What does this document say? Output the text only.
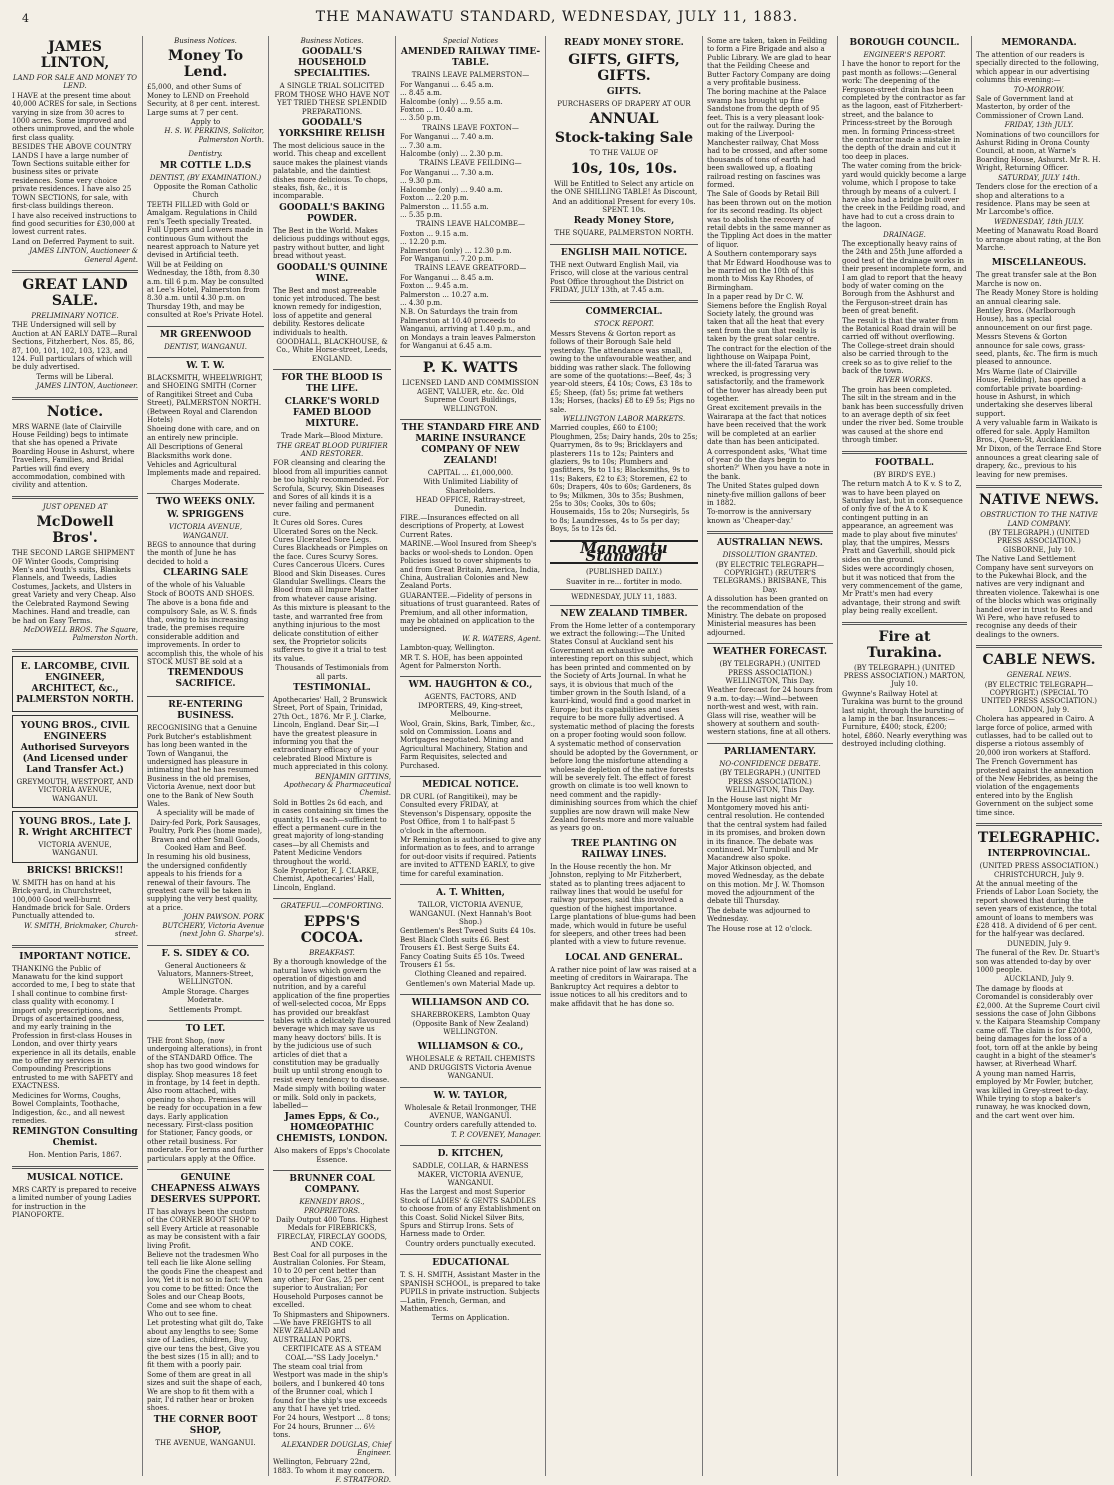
4	THE MANAWATU STANDARD, WEDNESDAY, JULY 11, 1883.
JAMES LINTON,
LAND FOR SALE AND MONEY TO LEND.

I HAVE at the present time about 40,000 ACRES for sale, in Sections varying in size from 30 acres to 1000 acres. Some improved and others unimproved, and the whole first class quality.

BESIDES THE ABOVE COUNTRY LANDS I have a large number of Town Sections suitable either for business sites or private residences. Some very choice private residences. I have also 25 TOWN SECTIONS, for sale, with first-class buildings thereon.

I have also received instructions to find good securities for £30,000 at lowest current rates.

Land on Deferred Payment to suit.

JAMES LINTON, Auctioneer & General Agent.

GREAT LAND SALE.
PRELIMINARY NOTICE.

THE Undersigned will sell by Auction at AN EARLY DATE—Rural Sections, Fitzherbert, Nos. 85, 86, 87, 100, 101, 102, 103, 123, and 124. Full particulars of which will be duly advertised.

Terms will be Liberal.

JAMES LINTON, Auctioneer.

Notice.

MRS WARNE (late of Clairville House Feilding) begs to intimate that she has opened a Private Boarding House in Ashurst, where Travellers, Families, and Bridal Parties will find every accommodation, combined with civility and attention.

JUST OPENED AT
McDowell Bros'.

THE SECOND LARGE SHIPMENT OF Winter Goods, Comprising Men's and Youth's suits, Blankets Flannels, and Tweeds, Ladies Costumes, Jackets, and Ulsters in great Variety and very Cheap. Also the Celebrated Raymond Sewing Machines. Hand and treadle, can be had on Easy Terms.

McDOWELL BROS. The Square, Palmerston North.

E. LARCOMBE, CIVIL ENGINEER, ARCHITECT, &c., PALMERSTON NORTH.
YOUNG BROS., CIVIL ENGINEERS Authorised Surveyors (And Licensed under Land Transfer Act.)

GREYMOUTH, WESTPORT, AND VICTORIA AVENUE, WANGANUI.

YOUNG BROS., Late J. R. Wright ARCHITECT

VICTORIA AVENUE, WANGANUI.

BRICKS! BRICKS!!

W. SMITH has on hand at his Brick-yard, in Churchstreet, 100,000 Good well-burnt Handmade brick for Sale. Orders Punctually attended to.

W. SMITH, Brickmaker, Church-street.

IMPORTANT NOTICE.

THANKING the Public of Manawatu for the kind support accorded to me, I beg to state that I shall continue to combine first-class quality with economy. I import only prescriptions, and Drugs of ascertained goodness, and my early training in the Profession in first-class Houses in London, and over thirty years experience in all its details, enable me to offer my services in Compounding Prescriptions entrusted to me with SAFETY and EXACTNESS.

Medicines for Worms, Coughs, Bowel Complaints, Toothache, Indigestion, &c., and all newest remedies.

REMINGTON Consulting Chemist.

Hon. Mention Paris, 1867.

MUSICAL NOTICE.

MRS CARTY is prepared to receive a limited number of young Ladies for instruction in the PIANOFORTE.

Business Notices.
Money To Lend.

£5,000, and other Sums of Money to LEND on Freehold Security, at 8 per cent. interest. Large sums at 7 per cent.

Apply to

H. S. W. PERKINS, Solicitor, Palmerston North.

Dentistry.
MR COTTLE L.D.S
DENTIST, (BY EXAMINATION.)

Opposite the Roman Catholic Church

TEETH FILLED with Gold or Amalgam. Regulations in Child ren's Teeth specially Treated. Full Uppers and Lowers made in continuous Gum without the nearest approach to Nature yet devised in Artificial teeth.

Will be at Feilding on Wednesday, the 18th, from 8.30 a.m. till 6 p.m. May be consulted at Lee's Hotel, Palmerston from 8.30 a.m. until 4.30 p.m. on Thursday 19th, and may be consulted at Roe's Private Hotel.

MR GREENWOOD
DENTIST, WANGANUI.
W. T. W.

BLACKSMITH, WHEELWRIGHT, and SHOEING SMITH (Corner of Rangitikei Street and Cuba Street), PALMERSTON NORTH. (Between Royal and Clarendon Hotels)

Shoeing done with care, and on an entirely new principle.

All Descriptions of General Blacksmiths work done.

Vehicles and Agricultural Implements made and repaired.

Charges Moderate.

TWO WEEKS ONLY.
W. SPRIGGENS
VICTORIA AVENUE, WANGANUI.

BEGS to announce that during the month of June he has decided to hold a

CLEARING SALE

of the whole of his Valuable Stock of BOOTS AND SHOES.

The above is a bona fide and compulsory Sale, as W. S. finds that, owing to his increasing trade, the premises require considerable addition and improvements. In order to accomplish this, the whole of his STOCK MUST BE sold at a

TREMENDOUS SACRIFICE.
RE-ENTERING BUSINESS.

RECOGNISING that a Genuine Pork Butcher's establishment has long been wanted in the Town of Wanganui, the undersigned has pleasure in intimating that he has resumed Business in the old premises, Victoria Avenue, next door but one to the Bank of New South Wales.

A speciality will be made of

Dairy-fed Pork, Pork Sausages, Poultry, Pork Pies (home made), Brawn and other Small Goods, Cooked Ham and Beef.

In resuming his old business, the undersigned confidently appeals to his friends for a renewal of their favours. The greatest care will be taken in supplying the very best quality, at a price.

JOHN PAWSON. PORK BUTCHERY, Victoria Avenue (next John G. Sharpe's).

F. S. SIDEY & CO.

General Auctioneers & Valuators, Manners-Street, WELLINGTON.

Ample Storage. Charges Moderate.

Settlements Prompt.

TO LET.

THE front Shop, (now undergoing alterations), in front of the STANDARD Office. The shop has two good windows for display. Shop measures 18 feet in frontage, by 14 feet in depth. Also room attached, with opening to shop. Premises will be ready for occupation in a few days. Early application necessary. First-class position for Stationer, Fancy goods, or other retail business. For moderate. For terms and further particulars apply at the Office.

GENUINE CHEAPNESS ALWAYS DESERVES SUPPORT.

IT has always been the custom of the CORNER BOOT SHOP to sell Every Article at reasonable as may be consistent with a fair living Profit.

Believe not the tradesmen Who tell each lie like Alone selling the goods Fine the cheapest and low, Yet it is not so in fact: When you come to be fitted: Once the Soles and our Cheap Boots, Come and see whom to cheat Who out to see fine.

Let protesting what gilt do, Take about any lengths to see; Some size of Ladies, children, Buy, give our tens the best, Give you the best sizes (15 in all); and to fit them with a poorly pair.

Some of them are great in all sizes and suit the shape of each, We are shop to fit them with a pair, I'd rather hear or broken shoes.

THE CORNER BOOT SHOP,

THE AVENUE, WANGANUI.

Business Notices.
GOODALL'S HOUSEHOLD SPECIALITIES.

A SINGLE TRIAL SOLICITED FROM THOSE WHO HAVE NOT YET TRIED THESE SPLENDID PREPARATIONS.

GOODALL'S YORKSHIRE RELISH

The most delicious sauce in the world. This cheap and excellent sauce makes the plainest viands palatable, and the daintiest dishes more delicious. To chops, steaks, fish, &c., it is incomparable.

GOODALL'S BAKING POWDER.

The Best in the World. Makes delicious puddings without eggs, pastry without butter, and light bread without yeast.

GOODALL'S QUININE WINE.

The Best and most agreeable tonic yet introduced. The best known remedy for indigestion, loss of appetite and general debility. Restores delicate individuals to health.

GOODHALL, BLACKHOUSE, & Co., White Horse-street, Leeds, ENGLAND.

FOR THE BLOOD IS THE LIFE.
CLARKE'S WORLD FAMED BLOOD MIXTURE.

Trade Mark—Blood Mixture.

THE GREAT BLOOD PURIFIER AND RESTORER.

FOR cleansing and clearing the blood from all impurities cannot be too highly recommended. For Scrofula, Scurvy, Skin Diseases and Sores of all kinds it is a never failing and permanent cure.

It Cures old Sores. Cures Ulcerated Sores on the Neck. Cures Ulcerated Sore Legs. Cures Blackheads or Pimples on the face. Cures Scurvy Sores. Cures Cancerous Ulcers. Cures Blood and Skin Diseases. Cures Glandular Swellings. Clears the Blood from all Impure Matter from whatever cause arising.

As this mixture is pleasant to the taste, and warranted free from anything injurious to the most delicate constitution of either sex, the Proprietor solicits sufferers to give it a trial to test its value.

Thousands of Testimonials from all parts.

TESTIMONIAL.

Apothecaries' Hall, 2 Brunswick Street, Port of Spain, Trinidad, 27th Oct., 1876. Mr F. J. Clarke, Lincoln, England. Dear Sir,—I have the greatest pleasure in informing you that the extraordinary efficacy of your celebrated Blood Mixture is much appreciated in this colony.

BENJAMIN GITTINS, Apothecary & Pharmaceutical Chemist.

Sold in Bottles 2s 6d each, and in cases containing six times the quantity, 11s each—sufficient to effect a permanent cure in the great majority of long-standing cases—by all Chemists and Patent Medicine Vendors throughout the world.

Sole Proprietor, F. J. CLARKE, Chemist, Apothecaries' Hall, Lincoln, England.

GRATEFUL—COMFORTING.
EPPS'S COCOA.
BREAKFAST.

By a thorough knowledge of the natural laws which govern the operation of digestion and nutrition, and by a careful application of the fine properties of well-selected cocoa, Mr Epps has provided our breakfast tables with a delicately flavoured beverage which may save us many heavy doctors' bills. It is by the judicious use of such articles of diet that a constitution may be gradually built up until strong enough to resist every tendency to disease.

Made simply with boiling water or milk. Sold only in packets, labelled—

James Epps, & Co., HOMŒOPATHIC CHEMISTS, LONDON.

Also makers of Epps's Chocolate Essence.

BRUNNER COAL COMPANY.
KENNEDY BROS., PROPRIETORS.

Daily Output 400 Tons. Highest Medals for FIREBRICKS, FIRECLAY, FIRECLAY GOODS, AND COKE.

Best Coal for all purposes in the Australian Colonies. For Steam, 10 to 20 per cent better than any other; For Gas, 25 per cent superior to Australian; For Household Purposes cannot be excelled.

To Shipmasters and Shipowners.—We have FREIGHTS to all NEW ZEALAND and AUSTRALIAN PORTS.

CERTIFICATE AS A STEAM COAL—"SS Lady Jocelyn."

The steam coal trial from Westport was made in the ship's boilers, and I bunkered 40 tons of the Brunner coal, which I found for the ship's use exceeds any that I have yet tried.

For 24 hours, Westport ... 8 tons; For 24 hours, Brunner ... 6½ tons.

ALEXANDER DOUGLAS, Chief Engineer.

Wellington, February 22nd, 1883. To whom it may concern.

F. STRATFORD.

Special Notices
AMENDED RAILWAY TIME-TABLE.

TRAINS LEAVE PALMERSTON—

For Wanganui ... 6.45 a.m.

... 8.45 a.m.

Halcombe (only) ... 9.55 a.m.

Foxton ... 10.40 a.m.

... 3.50 p.m.

TRAINS LEAVE FOXTON—

For Wanganui ... 7.40 a.m.

... 7.30 a.m.

Halcombe (only) ... 2.30 p.m.

TRAINS LEAVE FEILDING—

For Wanganui ... 7.30 a.m.

... 9.30 p.m.

Halcombe (only) ... 9.40 a.m.

Foxton ... 2.20 p.m.

Palmerston ... 11.55 a.m.

... 5.35 p.m.

TRAINS LEAVE HALCOMBE—

Foxton ... 9.15 a.m.

... 12.20 p.m.

Palmerston (only) ... 12.30 p.m.

For Wanganui ... 7.20 p.m.

TRAINS LEAVE GREATFORD—

For Wanganui ... 8.45 a.m.

Foxton ... 9.45 a.m.

Palmerston ... 10.27 a.m.

... 4.30 p.m.

N.B. On Saturdays the train from Palmerston at 10.40 proceeds to Wanganui, arriving at 1.40 p.m., and on Mondays a train leaves Palmerston for Wanganui at 6.45 a.m.

P. K. WATTS

LICENSED LAND AND COMMISSION AGENT, VALUER, etc. &c. Old Supreme Court Buildings, WELLINGTON.

THE STANDARD FIRE AND MARINE INSURANCE COMPANY OF NEW ZEALAND!

CAPITAL ... £1,000,000.

With Unlimited Liability of Shareholders.

HEAD OFFICE, Rattray-street, Dunedin.

FIRE.—Insurances effected on all descriptions of Property, at Lowest Current Rates.

MARINE.—Wool Insured from Sheep's backs or wool-sheds to London. Open Policies issued to cover shipments to and from Great Britain, America, India, China, Australian Colonies and New Zealand Ports.

GUARANTEE.—Fidelity of persons in situations of trust guaranteed. Rates of Premium, and all other information, may be obtained on application to the undersigned.

W. R. WATERS, Agent.

Lambton-quay, Wellington.

MR T. S. HOE, has been appointed Agent for Palmerston North.

WM. HAUGHTON & CO.,

AGENTS, FACTORS, AND IMPORTERS, 49, King-street, Melbourne.

Wool, Grain, Skins, Bark, Timber, &c., sold on Commission. Loans and Mortgages negotiated. Mining and Agricultural Machinery, Station and Farm Requisites, selected and Purchased.

MEDICAL NOTICE.

DR CURL (of Rangitikei), may be Consulted every FRIDAY, at Stevenson's Dispensary, opposite the Post Office, from 1 to half-past 5 o'clock in the afternoon.

Mr Remington is authorised to give any information as to fees, and to arrange for out-door visits if required. Patients are invited to ATTEND EARLY, to give time for careful examination.

A. T. Whitten,

TAILOR, VICTORIA AVENUE, WANGANUI. (Next Hannah's Boot Shop.)

Gentlemen's Best Tweed Suits £4 10s. Best Black Cloth suits £6. Best Trousers £1. Best Serge Suits £4. Fancy Coating Suits £5 10s. Tweed Trousers £1 5s.

Clothing Cleaned and repaired.

Gentlemen's own Material Made up.

WILLIAMSON AND CO.

SHAREBROKERS, Lambton Quay (Opposite Bank of New Zealand) WELLINGTON.

WILLIAMSON & CO.,

WHOLESALE & RETAIL CHEMISTS AND DRUGGISTS Victoria Avenue WANGANUI.

W. W. TAYLOR,

Wholesale & Retail Ironmonger, THE AVENUE, WANGANUI.

Country orders carefully attended to.

T. P. COVENEY, Manager.

D. KITCHEN,

SADDLE, COLLAR, & HARNESS MAKER, VICTORIA AVENUE, WANGANUI.

Has the Largest and most Superior Stock of LADIES' & GENTS SADDLES to choose from of any Establishment on this Coast. Solid Nickel Silver Bits, Spurs and Stirrup Irons. Sets of Harness made to Order.

Country orders punctually executed.

EDUCATIONAL

T. S. H. SMITH, Assistant Master in the SPANISH SCHOOL, is prepared to take PUPILS in private instruction. Subjects—Latin, French, German, and Mathematics.

Terms on Application.

READY MONEY STORE.
GIFTS, GIFTS, GIFTS.
GIFTS.

PURCHASERS OF DRAPERY AT OUR

ANNUAL
Stock-taking Sale

TO THE VALUE OF

10s, 10s, 10s.

Will be Entitled to Select any article on the ONE SHILLING TABLE! As Discount,

And an additional Present for every 10s. SPENT. 10s.

Ready Money Store,

THE SQUARE, PALMERSTON NORTH.

ENGLISH MAIL NOTICE.

THE next Outward English Mail, via Frisco, will close at the various central Post Office throughout the District on FRIDAY, JULY 13th, at 7.45 a.m.

COMMERCIAL.
STOCK REPORT.

Messrs Stevens & Gorton report as follows of their Borough Sale held yesterday. The attendance was small, owing to the unfavourable weather, and bidding was rather slack. The following are some of the quotations:—Beef, 4s; 3 year-old steers, £4 10s; Cows, £3 18s to £5; Sheep, (fat) 5s; prime fat wethers 13s; Horses, (hacks) £8 to £9 5s; Pigs no sale.

WELLINGTON LABOR MARKETS.

Married couples, £60 to £100; Ploughmen, 25s; Dairy hands, 20s to 25s; Quarrymen, 8s to 9s; Bricklayers and plasterers 11s to 12s; Painters and glaziers, 9s to 10s; Plumbers and gasfitters, 9s to 11s; Blacksmiths, 9s to 11s; Bakers, £2 to £3; Storemen, £2 to 60s; Drapers, 40s to 60s; Gardeners, 8s to 9s; Milkmen, 30s to 35s; Bushmen, 25s to 30s; Cooks, 30s to 60s; Housemaids, 15s to 20s; Nursegirls, 5s to 8s; Laundresses, 4s to 5s per day; Boys, 5s to 12s 6d.

Manawatu Standard

(PUBLISHED DAILY.)

Suaviter in re... fortiter in modo.

WEDNESDAY, JULY 11, 1883.

NEW ZEALAND TIMBER.

From the Home letter of a contemporary we extract the following:—The United States Consul at Auckland sent his Government an exhaustive and interesting report on this subject, which has been printed and commented on by the Society of Arts Journal. In what he says, it is obvious that much of the timber grown in the South Island, of a kauri-kind, would find a good market in Europe; but its capabilities and uses require to be more fully advertised. A systematic method of placing the forests on a proper footing would soon follow.

A systematic method of conservation should be adopted by the Government, or before long the misfortune attending a wholesale depletion of the native forests will be severely felt. The effect of forest growth on climate is too well known to need comment and the rapidly-diminishing sources from which the chief supplies are now drawn will make New Zealand forests more and more valuable as years go on.

TREE PLANTING ON RAILWAY LINES.

In the House recently the hon. Mr Johnston, replying to Mr Fitzherbert, stated as to planting trees adjacent to railway lines that would be useful for railway purposes, said this involved a question of the highest importance. Large plantations of blue-gums had been made, which would in future be useful for sleepers, and other trees had been planted with a view to future revenue.

LOCAL AND GENERAL.

A rather nice point of law was raised at a meeting of creditors in Wairarapa. The Bankruptcy Act requires a debtor to issue notices to all his creditors and to make affidavit that he has done so.

Some are taken, taken in Feilding to form a Fire Brigade and also a Public Library. We are glad to hear that the Feilding Cheese and Butter Factory Company are doing a very profitable business.

The boring machine at the Palace swamp has brought up fine Sandstone from the depth of 95 feet. This is a very pleasant look-out for the railway. During the making of the Liverpool-Manchester railway, Chat Moss had to be crossed, and after some thousands of tons of earth had been swallowed up, a floating railroad resting on fascines was formed.

The Sale of Goods by Retail Bill has been thrown out on the motion for its second reading. Its object was to abolish the recovery of retail debts in the same manner as the Tippling Act does in the matter of liquor.

A Southern contemporary says that Mr Edward Hoodhouse was to be married on the 10th of this month to Miss Kay Rhodes, of Birmingham.

In a paper read by Dr C. W. Siemens before the English Royal Society lately, the ground was taken that all the heat that every sent from the sun that really is taken by the great solar centre.

The contract for the election of the lighthouse on Waipapa Point, where the ill-fated Tararua was wrecked, is progressing very satisfactorily, and the framework of the tower has already been put together.

Great excitement prevails in the Wairarapa at the fact that notices have been received that the work will be completed at an earlier date than has been anticipated.

A correspondent asks, 'What time of year do the days begin to shorten?' When you have a note in the bank.

The United States gulped down ninety-five million gallons of beer in 1882.

To-morrow is the anniversary known as 'Cheaper-day.'

AUSTRALIAN NEWS.
DISSOLUTION GRANTED.

(BY ELECTRIC TELEGRAPH—COPYRIGHT.) (REUTER'S TELEGRAMS.) BRISBANE, This Day.

A dissolution has been granted on the recommendation of the Ministry. The debate on proposed Ministerial measures has been adjourned.

WEATHER FORECAST.

(BY TELEGRAPH.) (UNITED PRESS ASSOCIATION.) WELLINGTON, This Day.

Weather forecast for 24 hours from 9 a.m. to-day:—Wind—between north-west and west, with rain. Glass will rise, weather will be showery at southern and south-western stations, fine at all others.

PARLIAMENTARY.
NO-CONFIDENCE DEBATE.

(BY TELEGRAPH.) (UNITED PRESS ASSOCIATION.) WELLINGTON, This Day.

In the House last night Mr Montgomery moved his anti-central resolution. He contended that the central system had failed in its promises, and broken down in its finance. The debate was continued. Mr Turnbull and Mr Macandrew also spoke.

Major Atkinson objected, and moved Wednesday, as the debate on this motion. Mr J. W. Thomson moved the adjournment of the debate till Thursday.

The debate was adjourned to Wednesday.

The House rose at 12 o'clock.

BOROUGH COUNCIL.
ENGINEER'S REPORT.

I have the honor to report for the past month as follows:—General work: The deepening of the Ferguson-street drain has been completed by the contractor as far as the lagoon, east of Fitzherbert-street, and the balance to Princess-street by the Borough men. In forming Princess-street the contractor made a mistake in the depth of the drain and cut it too deep in places.

The water coming from the brick-yard would quickly become a large volume, which I propose to take through by means of a culvert. I have also had a bridge built over the creek in the Feilding road, and have had to cut a cross drain to the lagoon.

DRAINAGE.

The exceptionally heavy rains of the 24th and 25th June afforded a good test of the drainage works in their present incomplete form, and I am glad to report that the heavy body of water coming on the Borough from the Ashhurst and the Ferguson-street drain has been of great benefit.

The result is that the water from the Botanical Road drain will be carried off without overflowing. The College-street drain should also be carried through to the creek so as to give relief to the back of the town.

RIVER WORKS.

The groin has been completed. The silt in the stream and in the bank has been successfully driven to an average depth of six feet under the river bed. Some trouble was caused at the shore end through timber.

FOOTBALL.

(BY BIRD'S EYE.)

The return match A to K v. S to Z, was to have been played on Saturday last, but in consequence of only five of the A to K contingent putting in an appearance, an agreement was made to play about five minutes' play, that the umpires, Messrs Pratt and Gaverhill, should pick sides on the ground.

Sides were accordingly chosen, but it was noticed that from the very commencement of the game, Mr Pratt's men had every advantage, their strong and swift play being really excellent.

Fire at Turakina.

(BY TELEGRAPH.) (UNITED PRESS ASSOCIATION.) MARTON, July 10.

Gwynne's Railway Hotel at Turakina was burnt to the ground last night, through the bursting of a lamp in the bar. Insurances:—Furniture, £400; stock, £200; hotel, £860. Nearly everything was destroyed including clothing.

MEMORANDA.

The attention of our readers is specially directed to the following, which appear in our advertising columns this evening:—

TO-MORROW.

Sale of Government land at Masterton, by order of the Commissioner of Crown Land.

FRIDAY, 13th JULY.

Nominations of two councillors for Ashurst Riding in Orona County Council, at noon, at Warne's Boarding House, Ashurst. Mr R. H. Wright, Returning Officer.

SATURDAY, JULY 14th.

Tenders close for the erection of a shop and alterations to a residence. Plans may be seen at Mr Larcombe's office.

WEDNESDAY, 18th JULY.

Meeting of Manawatu Road Board to arrange about rating, at the Bon Marche.

MISCELLANEOUS.

The great transfer sale at the Bon Marche is now on.

The Ready Money Store is holding an annual clearing sale.

Bentley Bros. (Marlborough House), has a special announcement on our first page.

Messrs Stevens & Gorton announce for sale cows, grass-seed, plants, &c. The firm is much pleased to announce.

Mrs Warne (late of Clairville House, Feilding), has opened a comfortable private boarding-house in Ashurst, in which undertaking she deserves liberal support.

A very valuable farm in Waikato is offered for sale. Apply Hamilton Bros., Queen-St, Auckland.

Mr Dixon, of the Terrace End Store announces a great clearing sale of drapery, &c., previous to his leaving for new premises.

NATIVE NEWS.
OBSTRUCTION TO THE NATIVE LAND COMPANY.

(BY TELEGRAPH.) (UNITED PRESS ASSOCIATION.) GISBORNE, July 10.

The Native Land Settlement Company have sent surveyors on to the Pukewhai Block, and the natives are very indignant and threaten violence. Takewhai is one of the blocks which was originally handed over in trust to Rees and Wi Pere, who have refused to recognise any deeds of their dealings to the owners.

CABLE NEWS.
GENERAL NEWS.

(BY ELECTRIC TELEGRAPH—COPYRIGHT.) (SPECIAL TO UNITED PRESS ASSOCIATION.) LONDON, July 9.

Cholera has appeared in Cairo. A large force of police, armed with cutlasses, had to be called out to disperse a riotous assembly of 20,000 iron workers at Stafford.

The French Government has protested against the annexation of the New Hebrides, as being the violation of the engagements entered into by the English Government on the subject some time since.

TELEGRAPHIC.
INTERPROVINCIAL.

(UNITED PRESS ASSOCIATION.) CHRISTCHURCH, July 9.

At the annual meeting of the Friends of Labor Loan Society, the report showed that during the seven years of existence, the total amount of loans to members was £28 418. A dividend of 6 per cent. for the half-year was declared.

DUNEDIN, July 9.

The funeral of the Rev. Dr. Stuart's son was attended to-day by over 1000 people.

AUCKLAND, July 9.

The damage by floods at Coromandel is considerably over £2,000. At the Supreme Court civil sessions the case of John Gibbons v. the Kaipara Steamship Company came off. The claim is for £2000, being damages for the loss of a foot, torn off at the ankle by being caught in a bight of the steamer's hawser, at Riverhead Wharf.

A young man named Harris, employed by Mr Fowler, butcher, was killed in Grey-street to-day. While trying to stop a baker's runaway, he was knocked down, and the cart went over him.
